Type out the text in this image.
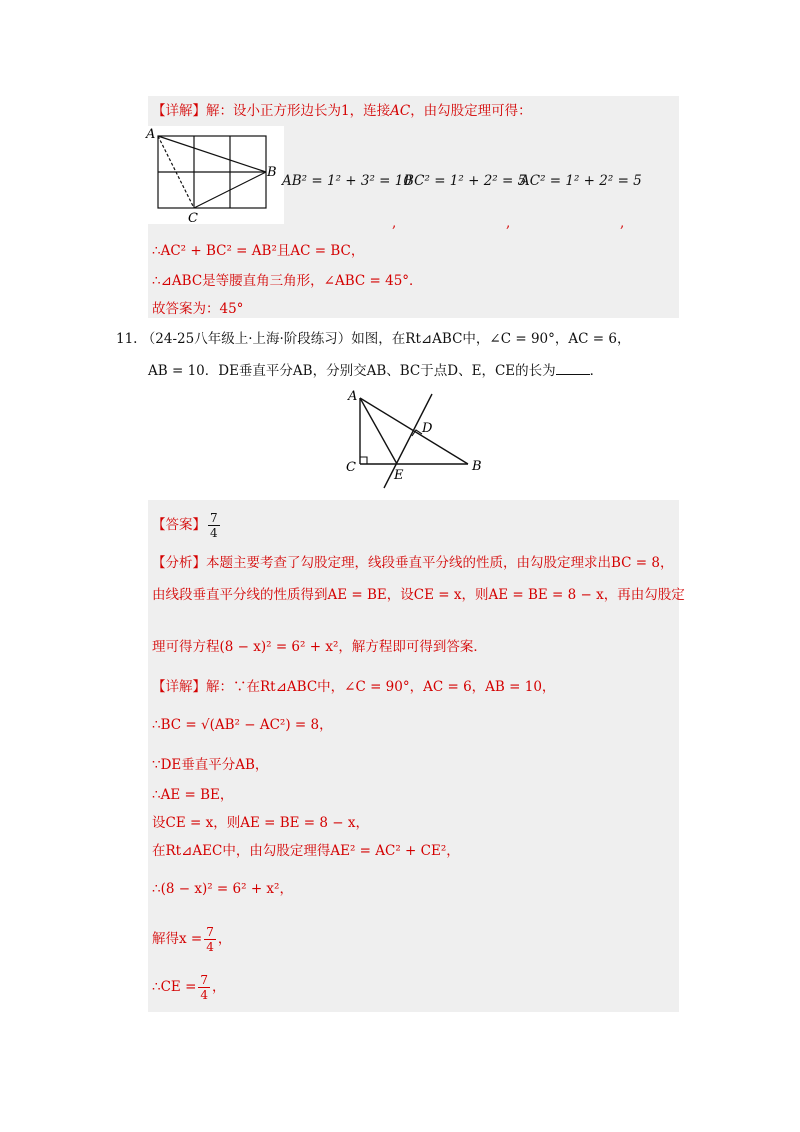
【详解】解：设小正方形边长为1，连接AC，由勾股定理可得：
A
B
C
AB² = 1² + 3² = 10
BC² = 1² + 2² = 5
AC² = 1² + 2² = 5
,	,	,
∴AC² + BC² = AB²且AC = BC，
∴⊿ABC是等腰直角三角形，∠ABC = 45°．
故答案为：45°
11. （24-25八年级上·上海·阶段练习）如图，在Rt⊿ABC中，∠C = 90°，AC = 6，
AB = 10．DE垂直平分AB，分别交AB、BC于点D、E，CE的长为	．
A
B
C
D
E
【答案】 $\frac{7}{4}$
【分析】本题主要考查了勾股定理，线段垂直平分线的性质，由勾股定理求出BC = 8，
由线段垂直平分线的性质得到AE = BE，设CE = x，则AE = BE = 8 − x，再由勾股定
理可得方程(8 − x)² = 6² + x²，解方程即可得到答案．
【详解】解：∵在Rt⊿ABC中，∠C = 90°，AC = 6，AB = 10，
∴BC = √(AB² − AC²) = 8，
∵DE垂直平分AB，
∴AE = BE，
设CE = x，则AE = BE = 8 − x，
在Rt⊿AEC中，由勾股定理得AE² = AC² + CE²，
∴(8 − x)² = 6² + x²，
解得$x = \frac{7}{4}$ ，
∴CE = $\frac{7}{4}$ ，
